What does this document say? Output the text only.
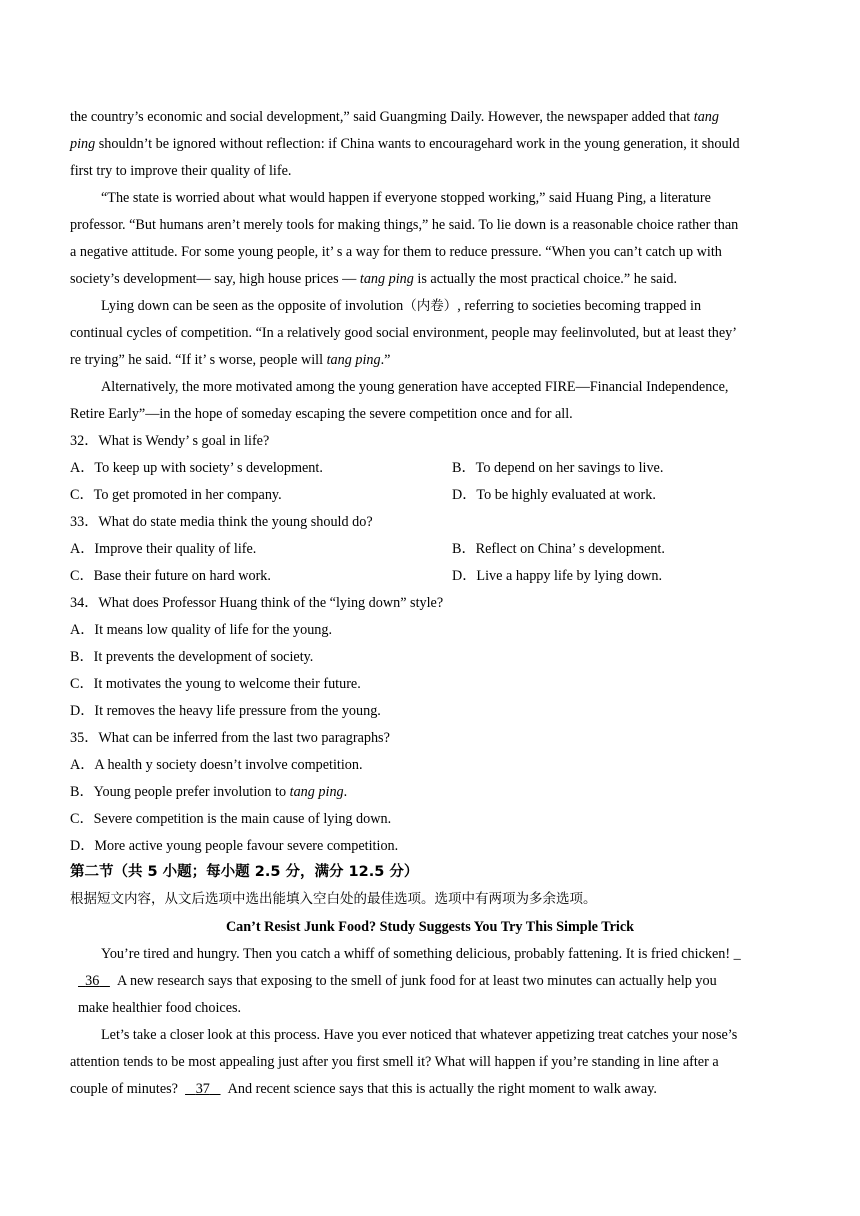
the country’s economic and social development,” said Guangming Daily. However, the newspaper added that tang
ping shouldn’t be ignored without reflection: if China wants to encouragehard work in the young generation, it should
first try to improve their quality of life.
“The state is worried about what would happen if everyone stopped working,” said Huang Ping, a literature
professor. “But humans aren’t merely tools for making things,” he said. To lie down is a reasonable choice rather than
a negative attitude. For some young people, it’ s a way for them to reduce pressure. “When you can’t catch up with
society’s development— say, high house prices — tang ping is actually the most practical choice.” he said.
Lying down can be seen as the opposite of involution（内卷）, referring to societies becoming trapped in
continual cycles of competition. “In a relatively good social environment, people may feelinvoluted, but at least they’
re trying” he said. “If it’ s worse, people will tang ping.”
Alternatively, the more motivated among the young generation have accepted FIRE—Financial Independence,
Retire Early”—in the hope of someday escaping the severe competition once and for all.
32．What is Wendy’ s goal in life?
A．To keep up with society’ s development.	B．To depend on her savings to live.
C．To get promoted in her company.	D．To be highly evaluated at work.
33．What do state media think the young should do?
A．Improve their quality of life.	B．Reflect on China’ s development.
C．Base their future on hard work.	D．Live a happy life by lying down.
34．What does Professor Huang think of the “lying down” style?
A．It means low quality of life for the young.
B．It prevents the development of society.
C．It motivates the young to welcome their future.
D．It removes the heavy life pressure from the young.
35．What can be inferred from the last two paragraphs?
A．A health y society doesn’t involve competition.
B．Young people prefer involution to tang ping.
C．Severe competition is the main cause of lying down.
D．More active young people favour severe competition.
第二节（共 5 小题；每小题 2.5 分，满分 12.5 分）
根据短文内容，从文后选项中选出能填入空白处的最佳选项。选项中有两项为多余选项。
Can’t Resist Junk Food? Study Suggests You Try This Simple Trick
You’re tired and hungry. Then you catch a whiff of something delicious, probably fattening. It is fried chicken! _
36 A new research says that exposing to the smell of junk food for at least two minutes can actually help you
make healthier food choices.
Let’s take a closer look at this process. Have you ever noticed that whatever appetizing treat catches your nose’s
attention tends to be most appealing just after you first smell it? What will happen if you’re standing in line after a
couple of minutes? 37 And recent science says that this is actually the right moment to walk away.
